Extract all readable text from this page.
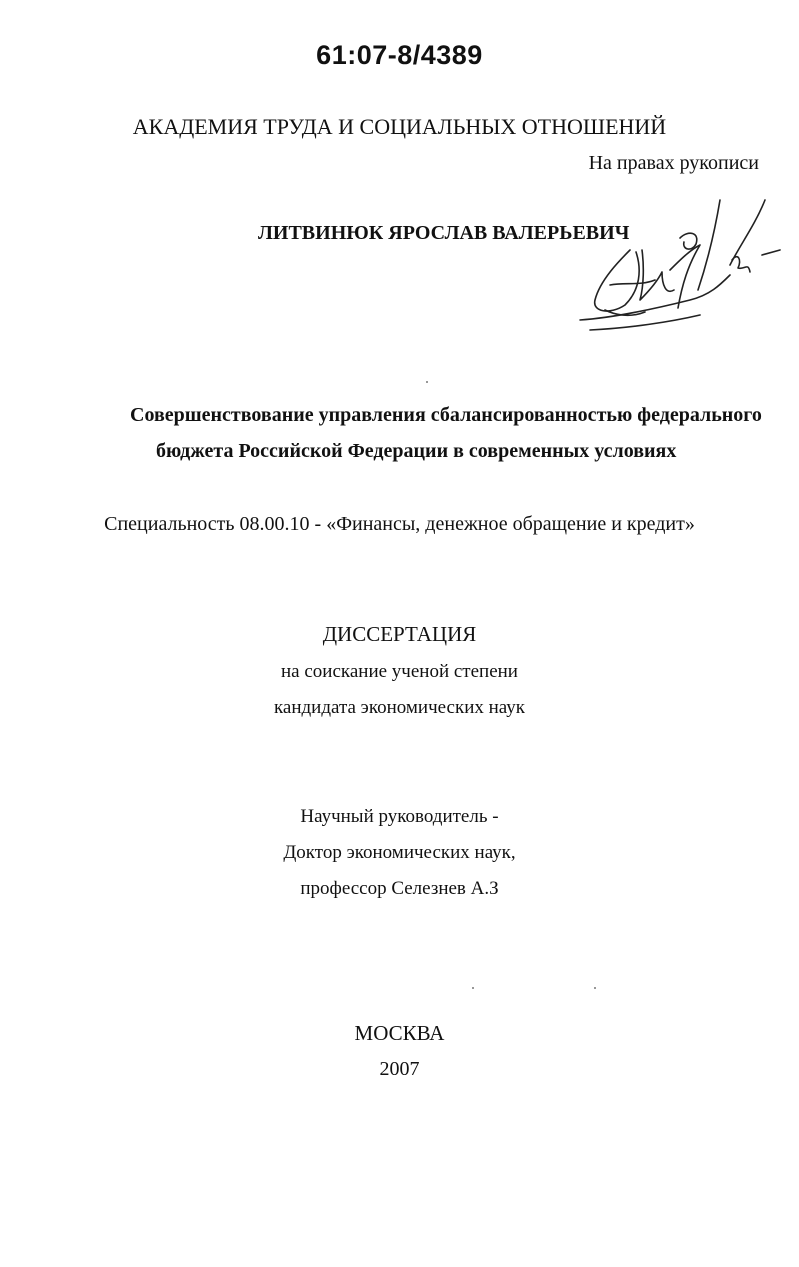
61:07-8/4389
АКАДЕМИЯ ТРУДА И СОЦИАЛЬНЫХ ОТНОШЕНИЙ
На правах рукописи
ЛИТВИНЮК ЯРОСЛАВ ВАЛЕРЬЕВИЧ
Совершенствование управления сбалансированностью федерального
бюджета Российской Федерации в современных условиях
Специальность 08.00.10 - «Финансы, денежное обращение и кредит»
ДИССЕРТАЦИЯ
на соискание ученой степени
кандидата экономических наук
Научный руководитель -
Доктор экономических наук,
профессор Селезнев А.З
МОСКВА
2007
